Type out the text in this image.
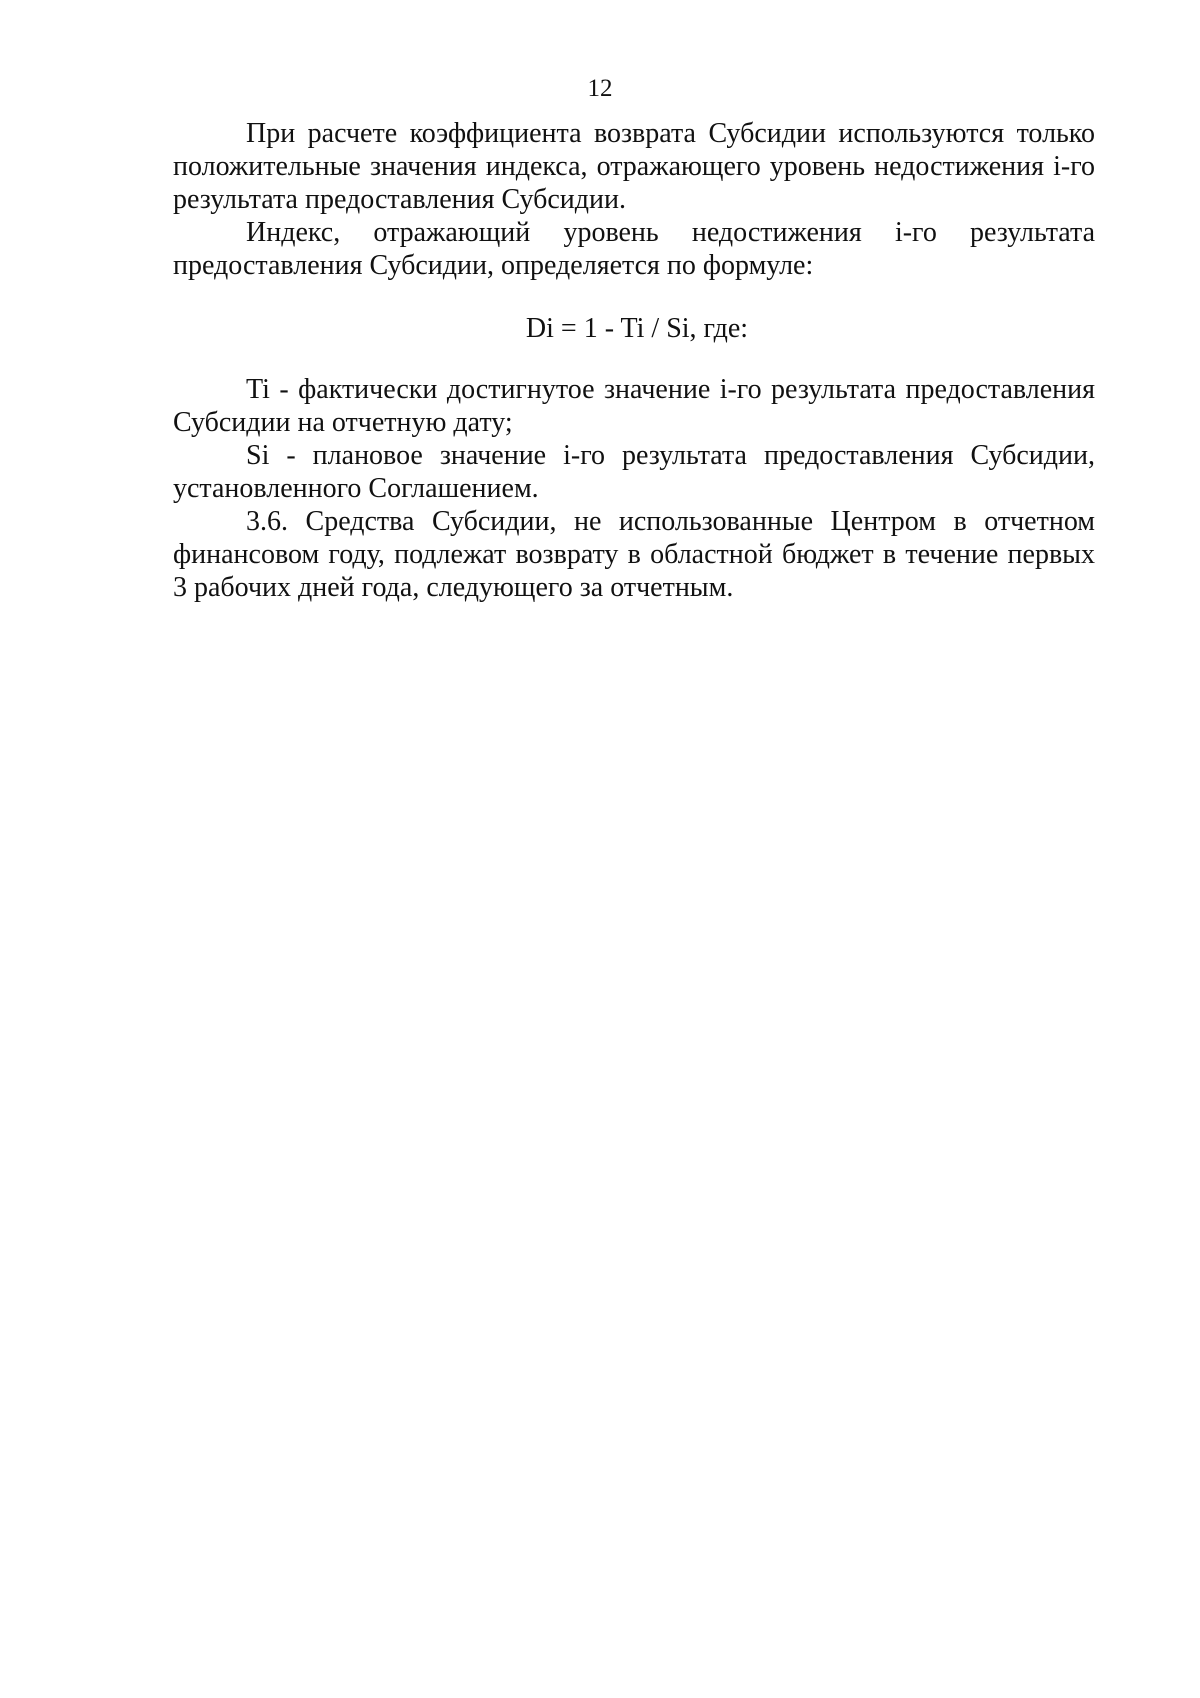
12

При расчете коэффициента возврата Субсидии используются только положительные значения индекса, отражающего уровень недостижения i-го результата предоставления Субсидии.

Индекс, отражающий уровень недостижения i-го результата предоставления Субсидии, определяется по формуле:

Di = 1 - Ti / Si, где:

Ti - фактически достигнутое значение i-го результата предоставления Субсидии на отчетную дату;

Si - плановое значение i-го результата предоставления Субсидии, установленного Соглашением.

3.6. Средства Субсидии, не использованные Центром в отчетном финансовом году, подлежат возврату в областной бюджет в течение первых 3 рабочих дней года, следующего за отчетным.
